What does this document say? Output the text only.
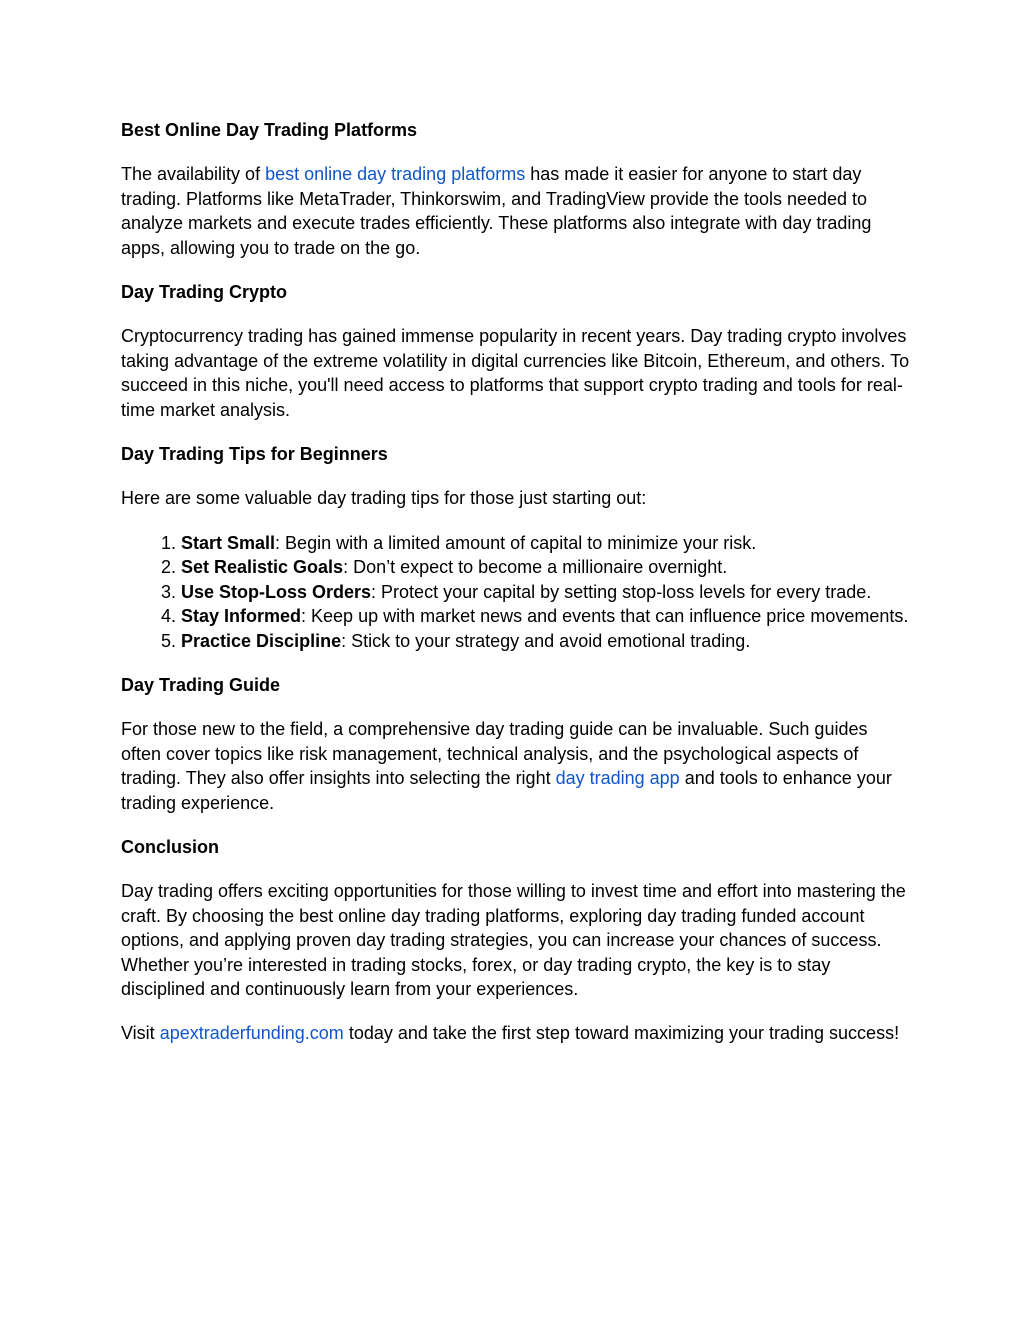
Best Online Day Trading Platforms

The availability of best online day trading platforms has made it easier for anyone to start day trading. Platforms like MetaTrader, Thinkorswim, and TradingView provide the tools needed to analyze markets and execute trades efficiently. These platforms also integrate with day trading apps, allowing you to trade on the go.

Day Trading Crypto

Cryptocurrency trading has gained immense popularity in recent years. Day trading crypto involves taking advantage of the extreme volatility in digital currencies like Bitcoin, Ethereum, and others. To succeed in this niche, you'll need access to platforms that support crypto trading and tools for real-time market analysis.

Day Trading Tips for Beginners

Here are some valuable day trading tips for those just starting out:

1. Start Small: Begin with a limited amount of capital to minimize your risk.
2. Set Realistic Goals: Don’t expect to become a millionaire overnight.
3. Use Stop-Loss Orders: Protect your capital by setting stop-loss levels for every trade.
4. Stay Informed: Keep up with market news and events that can influence price movements.
5. Practice Discipline: Stick to your strategy and avoid emotional trading.
Day Trading Guide

For those new to the field, a comprehensive day trading guide can be invaluable. Such guides often cover topics like risk management, technical analysis, and the psychological aspects of trading. They also offer insights into selecting the right day trading app and tools to enhance your trading experience.

Conclusion

Day trading offers exciting opportunities for those willing to invest time and effort into mastering the craft. By choosing the best online day trading platforms, exploring day trading funded account options, and applying proven day trading strategies, you can increase your chances of success. Whether you’re interested in trading stocks, forex, or day trading crypto, the key is to stay disciplined and continuously learn from your experiences.

Visit apextraderfunding.com today and take the first step toward maximizing your trading success!
